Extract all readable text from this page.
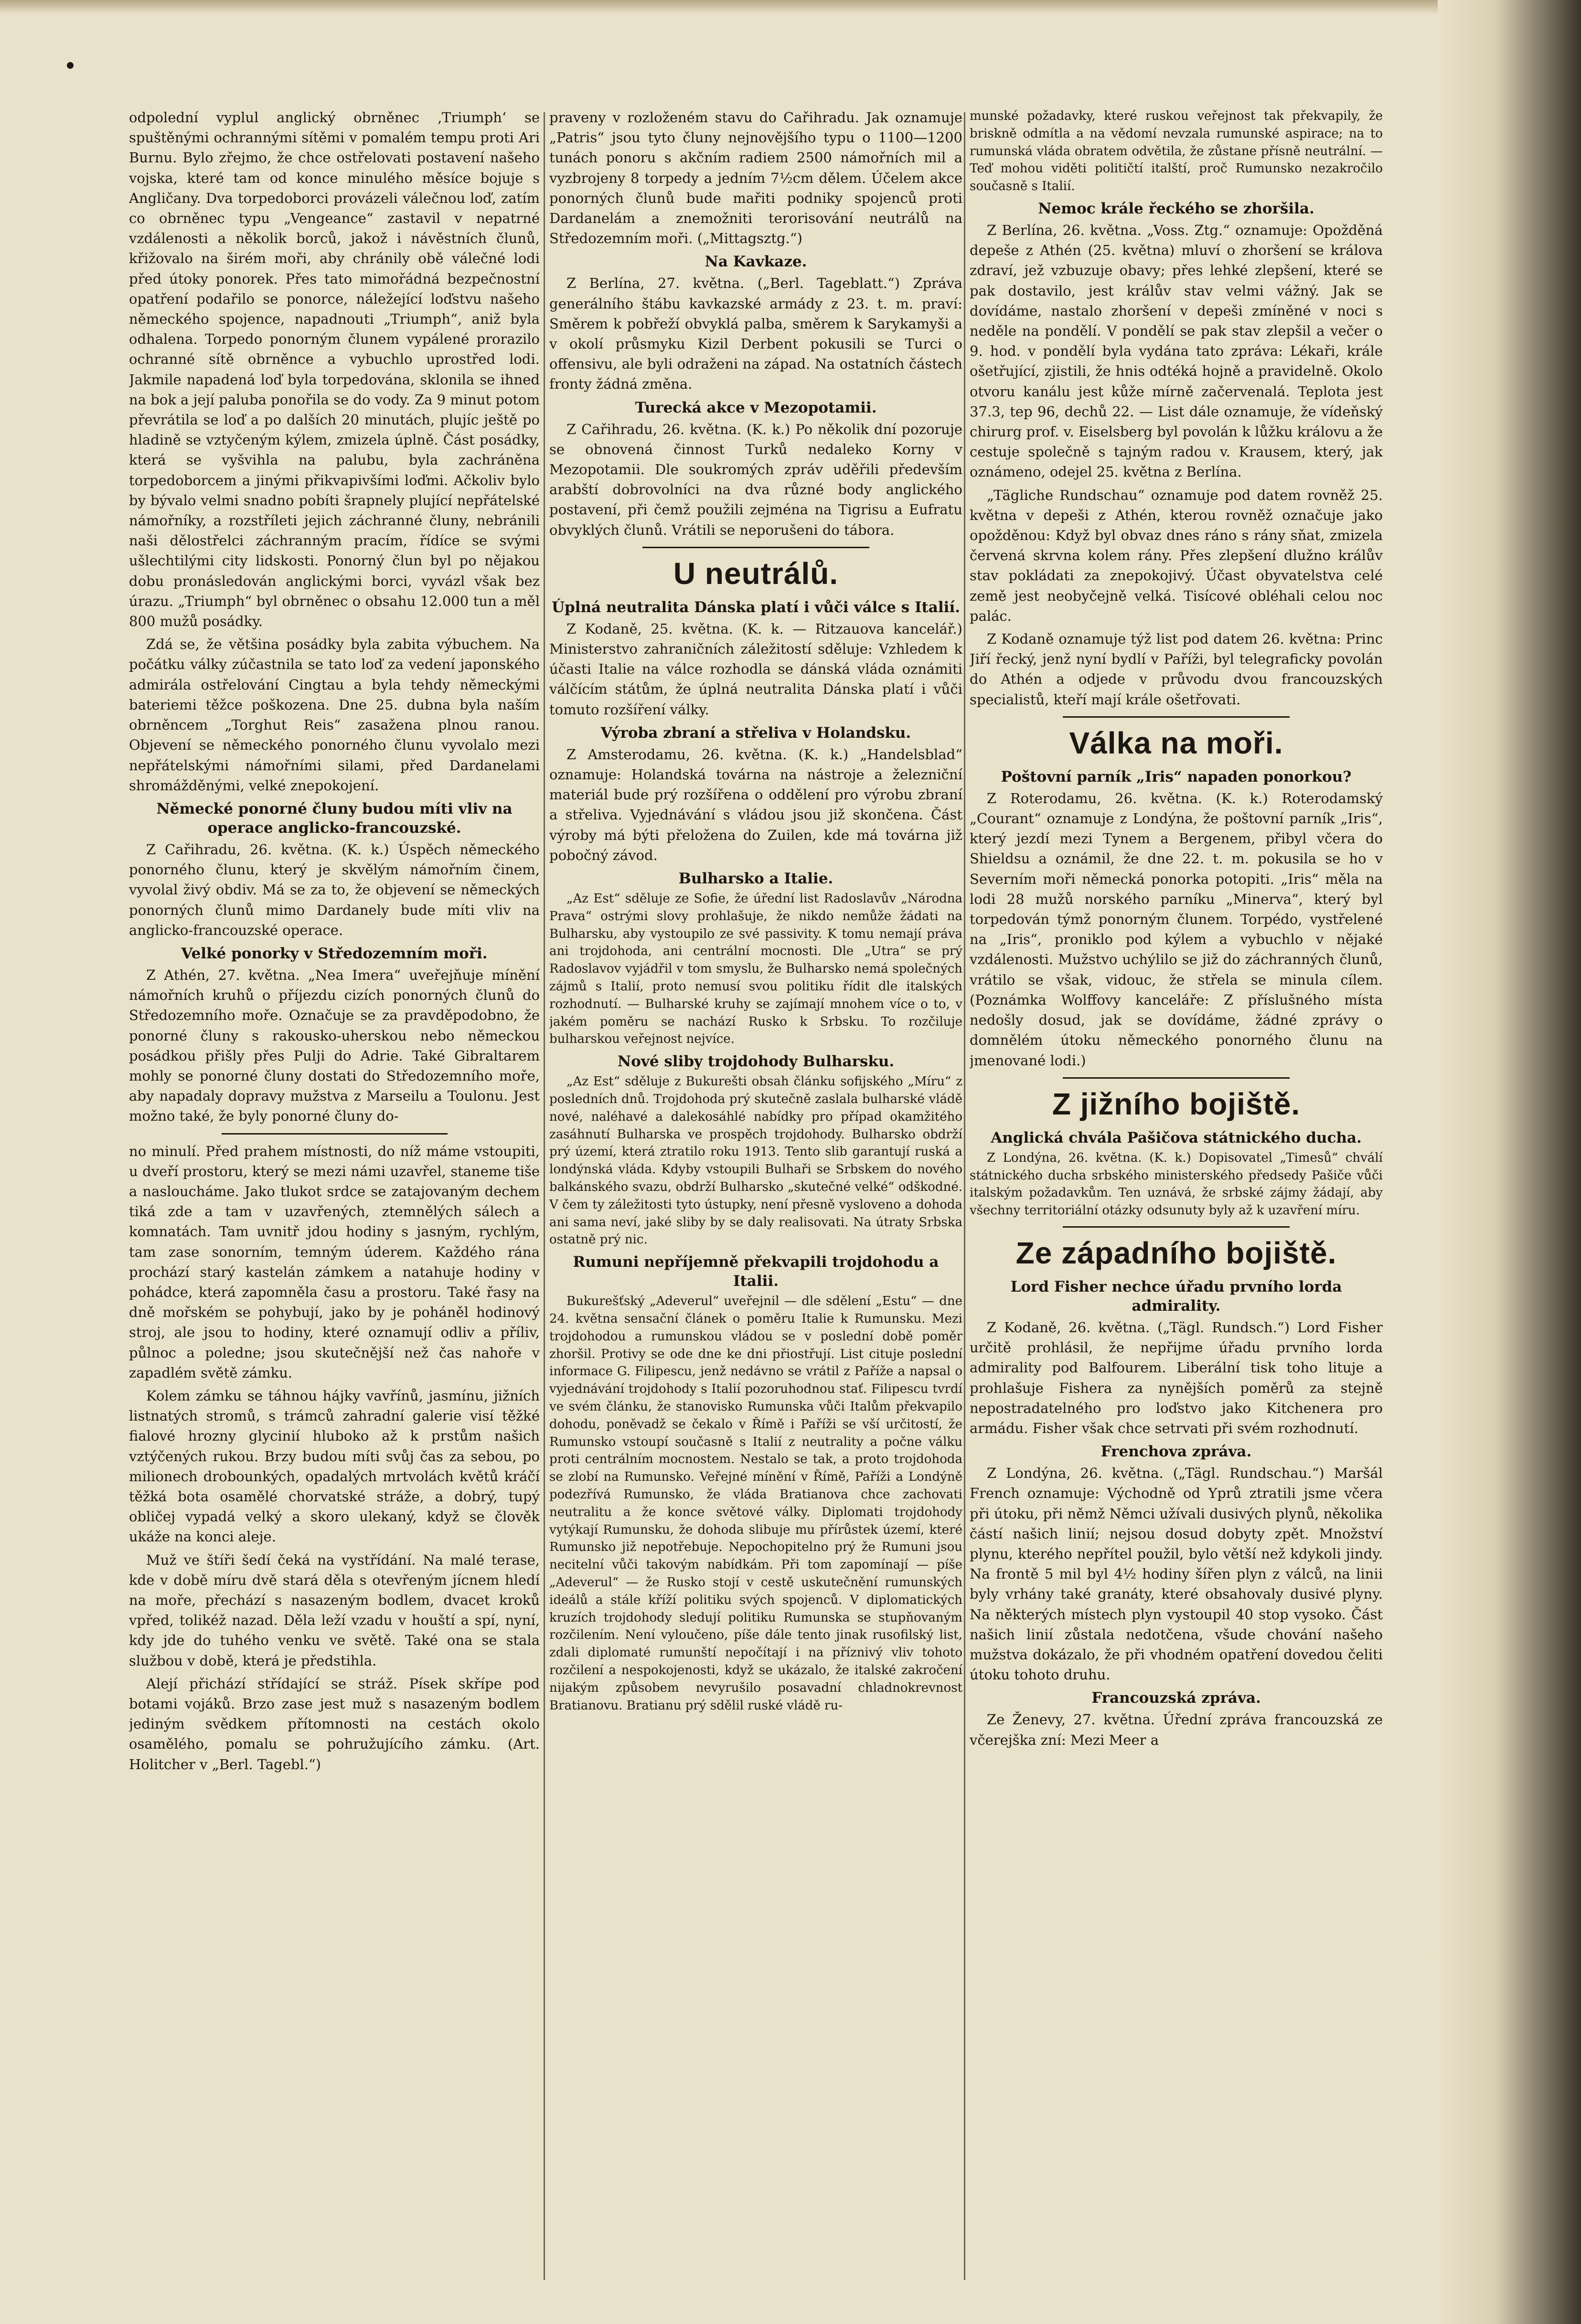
odpolední vyplul anglický obrněnec ‚Triumph‘ se spuštěnými ochrannými sítěmi v pomalém tempu proti Ari Burnu. Bylo zřejmo, že chce ostřelovati postavení našeho vojska, které tam od konce minulého měsíce bojuje s Angličany. Dva torpedoborci provázeli válečnou loď, zatím co obrněnec typu „Vengeance“ zastavil v nepatrné vzdálenosti a několik borců, jakož i návěstních člunů, křižovalo na širém moři, aby chránily obě válečné lodi před útoky ponorek. Přes tato mimořádná bezpečnostní opatření podařilo se ponorce, náležející loďstvu našeho německého spojence, napadnouti „Triumph“, aniž byla odhalena. Torpedo ponorným člunem vypálené prorazilo ochranné sítě obrněnce a vybuchlo uprostřed lodi. Jakmile napadená loď byla torpedována, sklonila se ihned na bok a její paluba ponořila se do vody. Za 9 minut potom převrátila se loď a po dalších 20 minutách, plujíc ještě po hladině se vztyčeným kýlem, zmizela úplně. Část posádky, která se vyšvihla na palubu, byla zachráněna torpedoborcem a jinými přikvapivšími loďmi. Ačkoliv bylo by bývalo velmi snadno pobíti šrapnely plující nepřátelské námořníky, a rozstříleti jejich záchranné čluny, nebránili naši dělostřelci záchranným pracím, řídíce se svými ušlechtilými city lidskosti. Ponorný člun byl po nějakou dobu pronásledován anglickými borci, vyvázl však bez úrazu. „Triumph“ byl obrněnec o obsahu 12.000 tun a měl 800 mužů posádky.

Zdá se, že většina posádky byla zabita výbuchem. Na počátku války zúčastnila se tato loď za vedení japonského admirála ostřelování Cingtau a byla tehdy německými bateriemi těžce poškozena. Dne 25. dubna byla naším obrněncem „Torghut Reis“ zasažena plnou ranou. Objevení se německého ponorného člunu vyvolalo mezi nepřátelskými námořními silami, před Dardanelami shromážděnými, velké znepokojení.

Německé ponorné čluny budou míti vliv na operace anglicko-francouzské.

Z Cařihradu, 26. května. (K. k.) Úspěch německého ponorného člunu, který je skvělým námořním činem, vyvolal živý obdiv. Má se za to, že objevení se německých ponorných člunů mimo Dardanely bude míti vliv na anglicko-francouzské operace.

Velké ponorky v Středozemním moři.

Z Athén, 27. května. „Nea Imera“ uveřejňuje mínění námořních kruhů o příjezdu cizích ponorných člunů do Středozemního moře. Označuje se za pravděpodobno, že ponorné čluny s rakousko-uherskou nebo německou posádkou přišly přes Pulji do Adrie. Také Gibraltarem mohly se ponorné čluny dostati do Středozemního moře, aby napadaly dopravy mužstva z Marseilu a Toulonu. Jest možno také, že byly ponorné čluny do-

no minulí. Před prahem místnosti, do níž máme vstoupiti, u dveří prostoru, který se mezi námi uzavřel, staneme tiše a nasloucháme. Jako tlukot srdce se zatajovaným dechem tiká zde a tam v uzavřených, ztemnělých sálech a komnatách. Tam uvnitř jdou hodiny s jasným, rychlým, tam zase sonorním, temným úderem. Každého rána prochází starý kastelán zámkem a natahuje hodiny v pohádce, která zapomněla času a prostoru. Také řasy na dně mořském se pohybují, jako by je poháněl hodinový stroj, ale jsou to hodiny, které oznamují odliv a příliv, půlnoc a poledne; jsou skutečnější než čas nahoře v zapadlém světě zámku.

Kolem zámku se táhnou hájky vavřínů, jasmínu, jižních listnatých stromů, s trámců zahradní galerie visí těžké fialové hrozny glycinií hluboko až k prstům našich vztýčených rukou. Brzy budou míti svůj čas za sebou, po milionech drobounkých, opadalých mrtvolách květů kráčí těžká bota osamělé chorvatské stráže, a dobrý, tupý obličej vypadá velký a skoro ulekaný, když se člověk ukáže na konci aleje.

Muž ve štíři šedí čeká na vystřídání. Na malé terase, kde v době míru dvě stará děla s otevřeným jícnem hledí na moře, přechází s nasazeným bodlem, dvacet kroků vpřed, tolikéž nazad. Děla leží vzadu v houští a spí, nyní, kdy jde do tuhého venku ve světě. Také ona se stala službou v době, která je předstihla.

Alejí přichází střídající se stráž. Písek skřípe pod botami vojáků. Brzo zase jest muž s nasazeným bodlem jediným svědkem přítomnosti na cestách okolo osamělého, pomalu se pohružujícího zámku. (Art. Holitcher v „Berl. Tagebl.“)

praveny v rozloženém stavu do Cařihradu. Jak oznamuje „Patris“ jsou tyto čluny nejnovějšího typu o 1100—1200 tunách ponoru s akčním radiem 2500 námořních mil a vyzbrojeny 8 torpedy a jedním 7½cm dělem. Účelem akce ponorných člunů bude mařiti podniky spojenců proti Dardanelám a znemožniti terorisování neutrálů na Středozemním moři. („Mittagsztg.“)

Na Kavkaze.

Z Berlína, 27. května. („Berl. Tageblatt.“) Zpráva generálního štábu kavkazské armády z 23. t. m. praví: Směrem k pobřeží obvyklá palba, směrem k Sarykamyši a v okolí průsmyku Kizil Derbent pokusili se Turci o offensivu, ale byli odraženi na západ. Na ostatních částech fronty žádná změna.

Turecká akce v Mezopotamii.

Z Cařihradu, 26. května. (K. k.) Po několik dní pozoruje se obnovená činnost Turků nedaleko Korny v Mezopotamii. Dle soukromých zpráv uděřili především arabští dobrovolníci na dva různé body anglického postavení, při čemž použili zejména na Tigrisu a Eufratu obvyklých člunů. Vrátili se neporušeni do tábora.

U neutrálů.
Úplná neutralita Dánska platí i vůči válce s Italií.

Z Kodaně, 25. května. (K. k. — Ritzauova kancelář.) Ministerstvo zahraničních záležitostí sděluje: Vzhledem k účasti Italie na válce rozhodla se dánská vláda oznámiti válčícím státům, že úplná neutralita Dánska platí i vůči tomuto rozšíření války.

Výroba zbraní a střeliva v Holandsku.

Z Amsterodamu, 26. května. (K. k.) „Handelsblad“ oznamuje: Holandská továrna na nástroje a železniční materiál bude prý rozšířena o oddělení pro výrobu zbraní a střeliva. Vyjednávání s vládou jsou již skončena. Část výroby má býti přeložena do Zuilen, kde má továrna již pobočný závod.

Bulharsko a Italie.

„Az Est“ sděluje ze Sofie, že úřední list Radoslavův „Národna Prava“ ostrými slovy prohlašuje, že nikdo nemůže žádati na Bulharsku, aby vystoupilo ze své passivity. K tomu nemají práva ani trojdohoda, ani centrální mocnosti. Dle „Utra“ se prý Radoslavov vyjádřil v tom smyslu, že Bulharsko nemá společných zájmů s Italií, proto nemusí svou politiku řídit dle italských rozhodnutí. — Bulharské kruhy se zajímají mnohem více o to, v jakém poměru se nachází Rusko k Srbsku. To rozčiluje bulharskou veřejnost nejvíce.

Nové sliby trojdohody Bulharsku.

„Az Est“ sděluje z Bukurešti obsah článku sofijského „Míru“ z posledních dnů. Trojdohoda prý skutečně zaslala bulharské vládě nové, naléhavé a dalekosáhlé nabídky pro případ okamžitého zasáhnutí Bulharska ve prospěch trojdohody. Bulharsko obdrží prý území, která ztratilo roku 1913. Tento slib garantují ruská a londýnská vláda. Kdyby vstoupili Bulhaři se Srbskem do nového balkánského svazu, obdrží Bulharsko „skutečné velké“ odškodné. V čem ty záležitosti tyto ústupky, není přesně vysloveno a dohoda ani sama neví, jaké sliby by se daly realisovati. Na útraty Srbska ostatně prý nic.

Rumuni nepříjemně překvapili trojdohodu a Italii.

Bukurešťský „Adeverul“ uveřejnil — dle sdělení „Estu“ — dne 24. května sensační článek o poměru Italie k Rumunsku. Mezi trojdohodou a rumunskou vládou se v poslední době poměr zhoršil. Protivy se ode dne ke dni přiostřují. List cituje poslední informace G. Filipescu, jenž nedávno se vrátil z Paříže a napsal o vyjednávání trojdohody s Italií pozoruhodnou stať. Filipescu tvrdí ve svém článku, že stanovisko Rumunska vůči Italům překvapilo dohodu, poněvadž se čekalo v Římě i Paříži se vší určitostí, že Rumunsko vstoupí současně s Italií z neutrality a počne válku proti centrálním mocnostem. Nestalo se tak, a proto trojdohoda se zlobí na Rumunsko. Veřejné mínění v Římě, Paříži a Londýně podezřívá Rumunsko, že vláda Bratianova chce zachovati neutralitu a že konce světové války. Diplomati trojdohody vytýkají Rumunsku, že dohoda slibuje mu přírůstek území, které Rumunsko již nepotřebuje. Nepochopitelno prý že Rumuni jsou necitelní vůči takovým nabídkám. Při tom zapomínají — píše „Adeverul“ — že Rusko stojí v cestě uskutečnění rumunských ideálů a stále kříží politiku svých spojenců. V diplomatických kruzích trojdohody sledují politiku Rumunska se stupňovaným rozčilením. Není vyloučeno, píše dále tento jinak rusofilský list, zdali diplomaté rumunští nepočítají i na příznivý vliv tohoto rozčilení a nespokojenosti, když se ukázalo, že italské zakročení nijakým způsobem nevyrušilo posavadní chladnokrevnost Bratianovu. Bratianu prý sdělil ruské vládě ru-

munské požadavky, které ruskou veřejnost tak překvapily, že briskně odmítla a na vědomí nevzala rumunské aspirace; na to rumunská vláda obratem odvětila, že zůstane přísně neutrální. — Teď mohou viděti političtí italští, proč Rumunsko nezakročilo současně s Italií.

Nemoc krále řeckého se zhoršila.

Z Berlína, 26. května. „Voss. Ztg.“ oznamuje: Opožděná depeše z Athén (25. května) mluví o zhoršení se králova zdraví, jež vzbuzuje obavy; přes lehké zlepšení, které se pak dostavilo, jest králův stav velmi vážný. Jak se dovídáme, nastalo zhoršení v depeši zmíněné v noci s neděle na pondělí. V pondělí se pak stav zlepšil a večer o 9. hod. v pondělí byla vydána tato zpráva: Lékaři, krále ošetřující, zjistili, že hnis odtéká hojně a pravidelně. Okolo otvoru kanálu jest kůže mírně začervenalá. Teplota jest 37.3, tep 96, dechů 22. — List dále oznamuje, že vídeňský chirurg prof. v. Eiselsberg byl povolán k lůžku královu a že cestuje společně s tajným radou v. Krausem, který, jak oznámeno, odejel 25. května z Berlína.

„Tägliche Rundschau“ oznamuje pod datem rovněž 25. května v depeši z Athén, kterou rovněž označuje jako opožděnou: Když byl obvaz dnes ráno s rány sňat, zmizela červená skrvna kolem rány. Přes zlepšení dlužno králův stav pokládati za znepokojivý. Účast obyvatelstva celé země jest neobyčejně velká. Tisícové obléhali celou noc palác.

Z Kodaně oznamuje týž list pod datem 26. května: Princ Jiří řecký, jenž nyní bydlí v Paříži, byl telegraficky povolán do Athén a odjede v průvodu dvou francouzských specialistů, kteří mají krále ošetřovati.

Válka na moři.
Poštovní parník „Iris“ napaden ponorkou?

Z Roterodamu, 26. května. (K. k.) Roterodamský „Courant“ oznamuje z Londýna, že poštovní parník „Iris“, který jezdí mezi Tynem a Bergenem, přibyl včera do Shieldsu a oznámil, že dne 22. t. m. pokusila se ho v Severním moři německá ponorka potopiti. „Iris“ měla na lodi 28 mužů norského parníku „Minerva“, který byl torpedován týmž ponorným člunem. Torpédo, vystřelené na „Iris“, proniklo pod kýlem a vybuchlo v nějaké vzdálenosti. Mužstvo uchýlilo se již do záchranných člunů, vrátilo se však, vidouc, že střela se minula cílem. (Poznámka Wolffovy kanceláře: Z příslušného místa nedošly dosud, jak se dovídáme, žádné zprávy o domnělém útoku německého ponorného člunu na jmenované lodi.)

Z jižního bojiště.
Anglická chvála Pašičova státnického ducha.

Z Londýna, 26. května. (K. k.) Dopisovatel „Timesů“ chválí státnického ducha srbského ministerského předsedy Pašiče vůči italským požadavkům. Ten uznává, že srbské zájmy žádají, aby všechny territoriální otázky odsunuty byly až k uzavření míru.

Ze západního bojiště.
Lord Fisher nechce úřadu prvního lorda admirality.

Z Kodaně, 26. května. („Tägl. Rundsch.“) Lord Fisher určitě prohlásil, že nepřijme úřadu prvního lorda admirality pod Balfourem. Liberální tisk toho lituje a prohlašuje Fishera za nynějších poměrů za stejně nepostradatelného pro loďstvo jako Kitchenera pro armádu. Fisher však chce setrvati při svém rozhodnutí.

Frenchova zpráva.

Z Londýna, 26. května. („Tägl. Rundschau.“) Maršál French oznamuje: Východně od Yprů ztratili jsme včera při útoku, při němž Němci užívali dusivých plynů, několika částí našich linií; nejsou dosud dobyty zpět. Množství plynu, kterého nepřítel použil, bylo větší než kdykoli jindy. Na frontě 5 mil byl 4½ hodiny šířen plyn z válců, na linii byly vrhány také granáty, které obsahovaly dusivé plyny. Na některých místech plyn vystoupil 40 stop vysoko. Část našich linií zůstala nedotčena, všude chování našeho mužstva dokázalo, že při vhodném opatření dovedou čeliti útoku tohoto druhu.

Francouzská zpráva.

Ze Ženevy, 27. května. Úřední zpráva francouzská ze včerejška zní: Mezi Meer a
